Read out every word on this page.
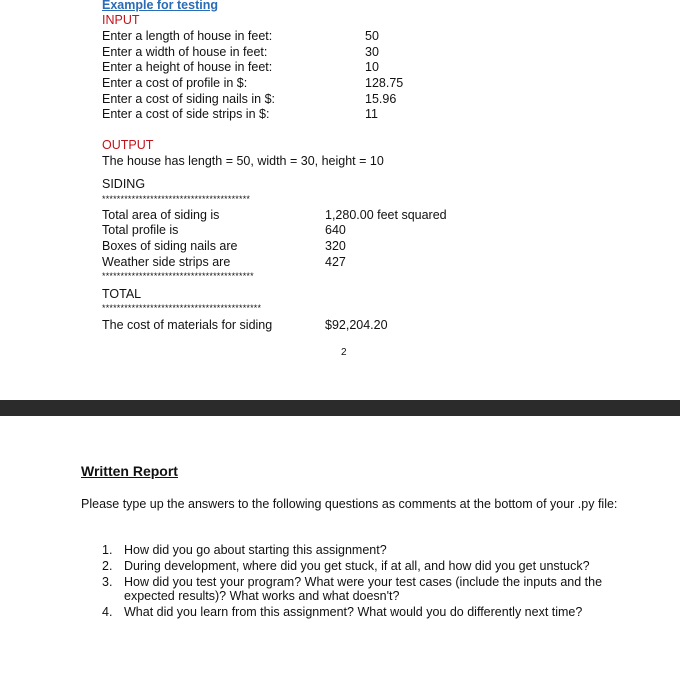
Example for testing
INPUT
Enter a length of house in feet:	50
Enter a width of house in feet:	30
Enter a height of house in feet:	10
Enter a cost of profile in $:	128.75
Enter a cost of siding nails in $:	15.96
Enter a cost of side strips in $:	11
OUTPUT
The house has length = 50, width = 30, height = 10
SIDING
****************************************
Total area of siding is	1,280.00 feet squared
Total profile is	640
Boxes of siding nails are	320
Weather side strips are	427
*****************************************
TOTAL
*******************************************
The cost of materials for siding	$92,204.20
2
Written Report
Please type up the answers to the following questions as comments at the bottom of your .py file:
1. How did you go about starting this assignment?
2. During development, where did you get stuck, if at all, and how did you get unstuck?
3. How did you test your program? What were your test cases (include the inputs and the expected results)? What works and what doesn't?
4. What did you learn from this assignment? What would you do differently next time?
